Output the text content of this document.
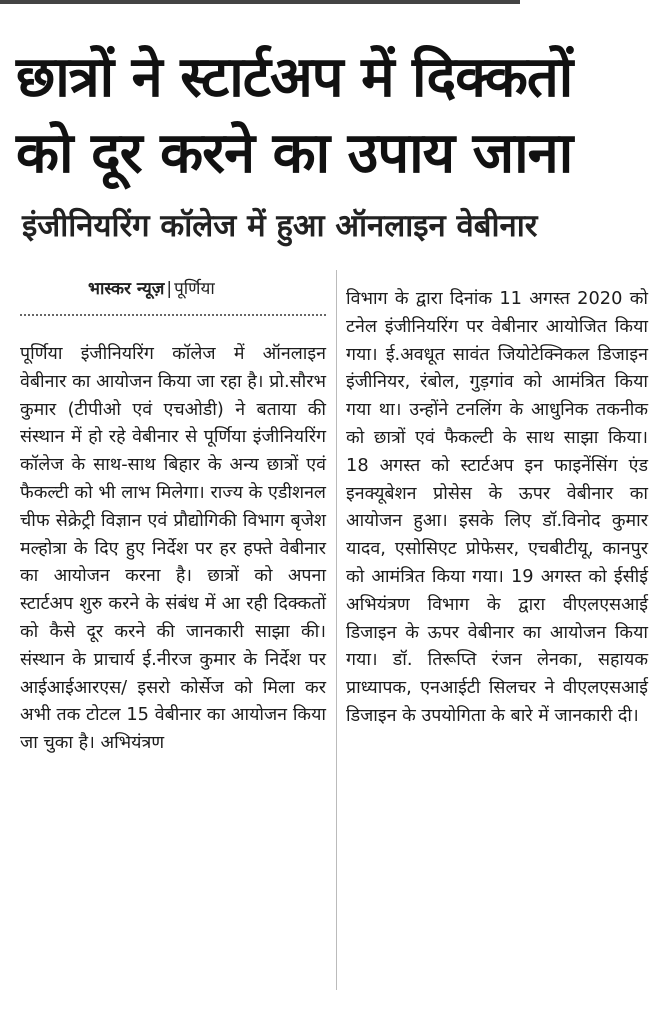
छात्रों ने स्टार्टअप में दिक्कतों
को दूर करने का उपाय जाना
इंजीनियरिंग कॉलेज में हुआ ऑनलाइन वेबीनार
भास्कर न्यूज़ | पूर्णिया
पूर्णिया इंजीनियरिंग कॉलेज में ऑनलाइन वेबीनार का आयोजन किया जा रहा है। प्रो.सौरभ कुमार (टीपीओ एवं एचओडी) ने बताया की संस्थान में हो रहे वेबीनार से पूर्णिया इंजीनियरिंग कॉलेज के साथ-साथ बिहार के अन्य छात्रों एवं फैकल्टी को भी लाभ मिलेगा। राज्य के एडीशनल चीफ सेक्रेट्री विज्ञान एवं प्रौद्योगिकी विभाग बृजेश मल्होत्रा के दिए हुए निर्देश पर हर हफ्ते वेबीनार का आयोजन करना है। छात्रों को अपना स्टार्टअप शुरु करने के संबंध में आ रही दिक्कतों को कैसे दूर करने की जानकारी साझा की। संस्थान के प्राचार्य ई.नीरज कुमार के निर्देश पर आईआईआरएस/ इसरो कोर्सेज को मिला कर अभी तक टोटल 15 वेबीनार का आयोजन किया जा चुका है। अभियंत्रण
विभाग के द्वारा दिनांक 11 अगस्त 2020 को टनेल इंजीनियरिंग पर वेबीनार आयोजित किया गया। ई.अवधूत सावंत जियोटेक्निकल डिजाइन इंजीनियर, रंबोल, गुड़गांव को आमंत्रित किया गया था। उन्होंने टनलिंग के आधुनिक तकनीक को छात्रों एवं फैकल्टी के साथ साझा किया। 18 अगस्त को स्टार्टअप इन फाइनेंसिंग एंड इनक्यूबेशन प्रोसेस के ऊपर वेबीनार का आयोजन हुआ। इसके लिए डॉ.विनोद कुमार यादव, एसोसिएट प्रोफेसर, एचबीटीयू, कानपुर को आमंत्रित किया गया। 19 अगस्त को ईसीई अभियंत्रण विभाग के द्वारा वीएलएसआई डिजाइन के ऊपर वेबीनार का आयोजन किया गया। डॉ. तिरूप्ति रंजन लेनका, सहायक प्राध्यापक, एनआईटी सिलचर ने वीएलएसआई डिजाइन के उपयोगिता के बारे में जानकारी दी।
